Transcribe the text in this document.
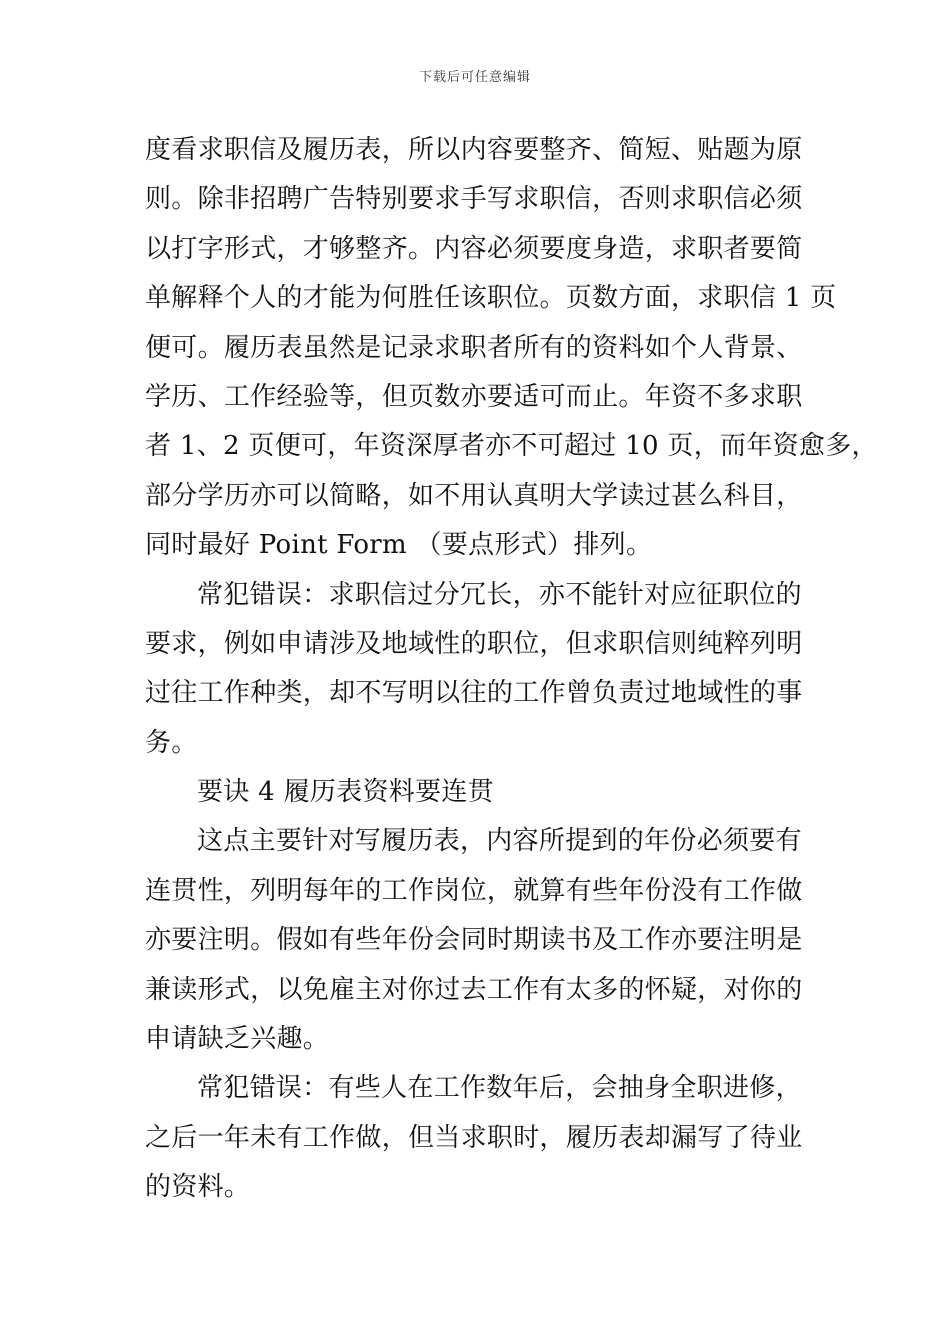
下载后可任意编辑
度看求职信及履历表，所以内容要整齐、简短、贴题为原
则。除非招聘广告特别要求手写求职信，否则求职信必须
以打字形式，才够整齐。内容必须要度身造，求职者要简
单解释个人的才能为何胜任该职位。页数方面，求职信 1 页
便可。履历表虽然是记录求职者所有的资料如个人背景、
学历、工作经验等，但页数亦要适可而止。年资不多求职
者 1、2 页便可，年资深厚者亦不可超过 10 页，而年资愈多，
部分学历亦可以简略，如不用认真明大学读过甚么科目，
同时最好 Point Form （要点形式）排列。
常犯错误：求职信过分冗长，亦不能针对应征职位的
要求，例如申请涉及地域性的职位，但求职信则纯粹列明
过往工作种类，却不写明以往的工作曾负责过地域性的事
务。
要诀 4 履历表资料要连贯
这点主要针对写履历表，内容所提到的年份必须要有
连贯性，列明每年的工作岗位，就算有些年份没有工作做
亦要注明。假如有些年份会同时期读书及工作亦要注明是
兼读形式，以免雇主对你过去工作有太多的怀疑，对你的
申请缺乏兴趣。
常犯错误：有些人在工作数年后，会抽身全职进修，
之后一年未有工作做，但当求职时，履历表却漏写了待业
的资料。
